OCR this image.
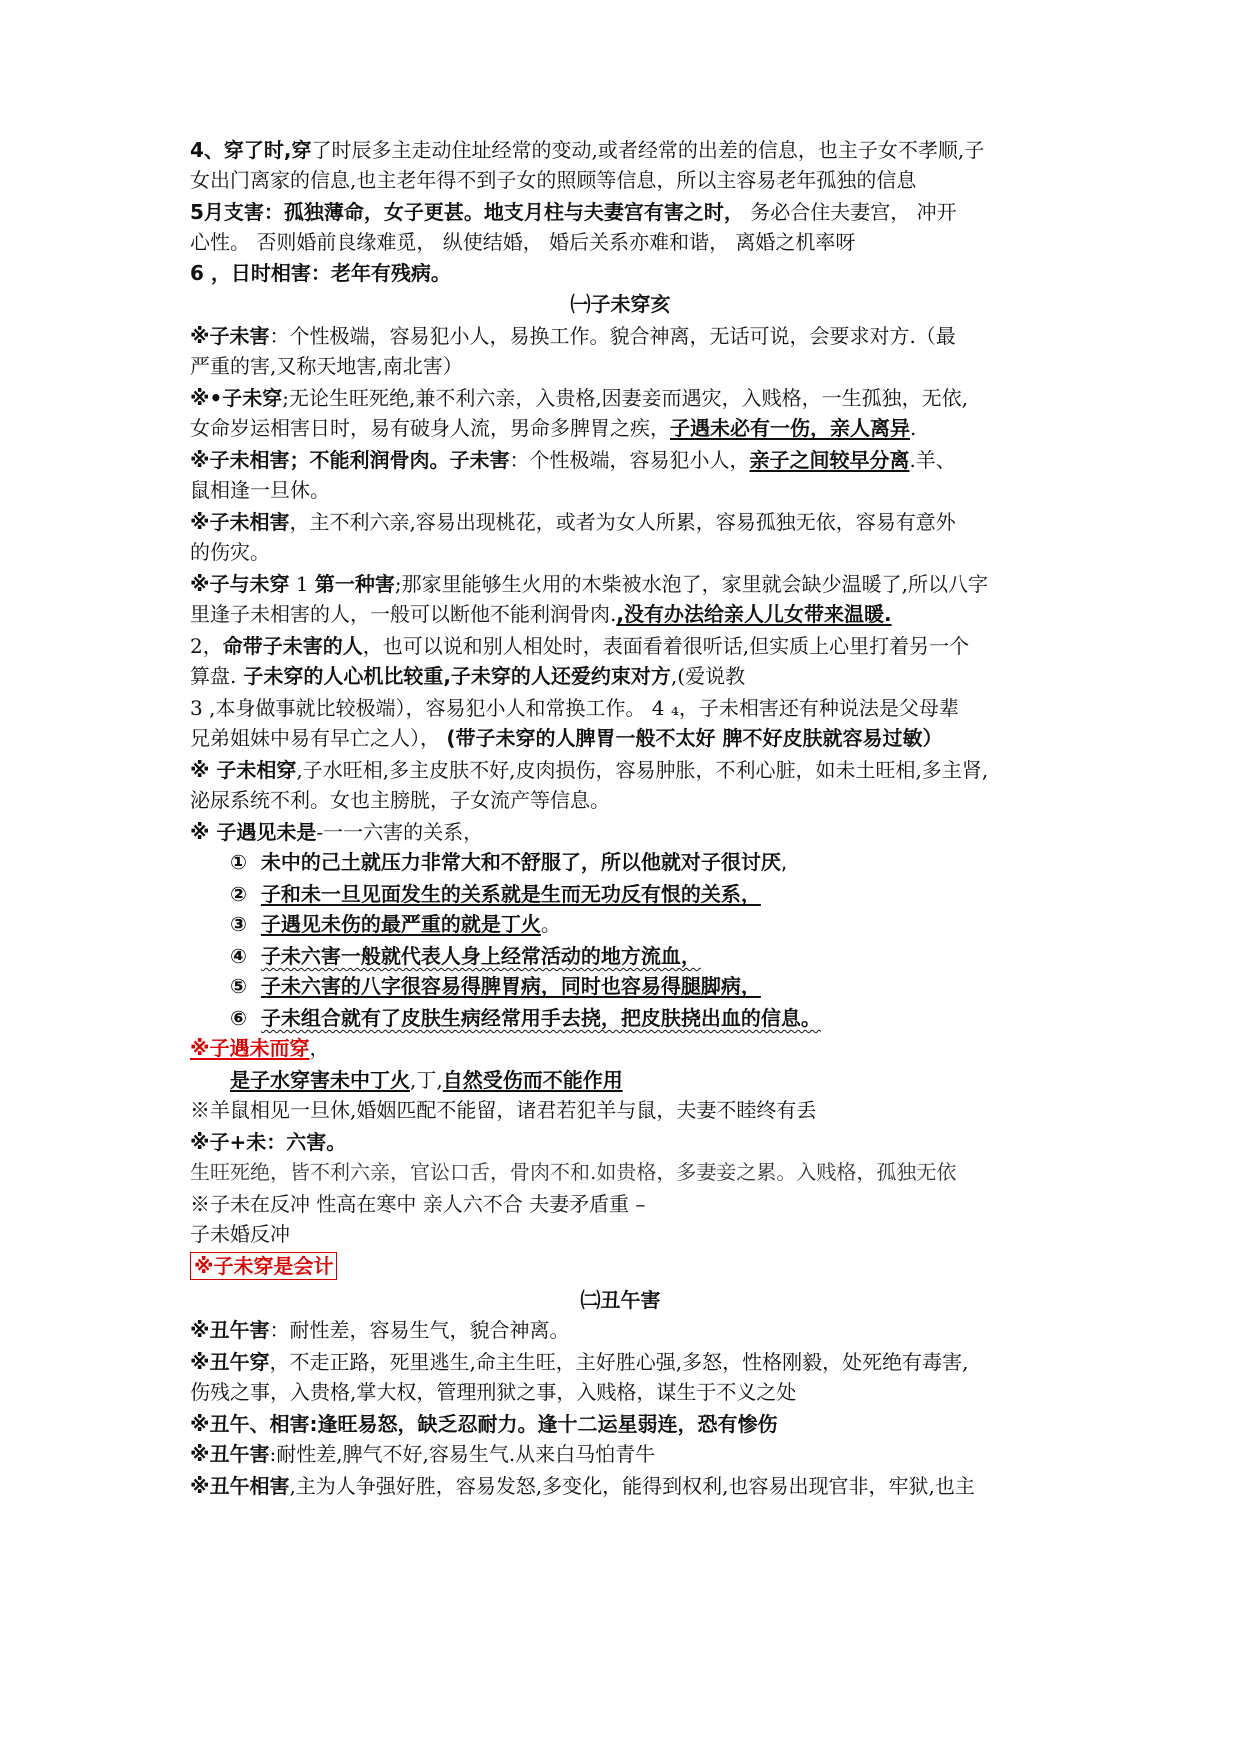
4、穿了时,穿了时辰多主走动住址经常的变动,或者经常的出差的信息，也主子女不孝顺,子

女出门离家的信息,也主老年得不到子女的照顾等信息，所以主容易老年孤独的信息

5月支害：孤独薄命，女子更甚。地支月柱与夫妻宫有害之时， 务必合住夫妻宫， 冲开

心性。 否则婚前良缘难觅， 纵使结婚， 婚后关系亦难和谐， 离婚之机率呀

6 ，日时相害：老年有残病。

㈠子未穿亥

※子未害：个性极端，容易犯小人，易换工作。貌合神离，无话可说，会要求对方.（最

严重的害,又称天地害,南北害）

※•子未穿;无论生旺死绝,兼不利六亲，入贵格,因妻妾而遇灾，入贱格，一生孤独，无依,

女命岁运相害日时，易有破身人流，男命多脾胃之疾，子遇未必有一伤，亲人离异.

※子未相害；不能利润骨肉。子未害：个性极端，容易犯小人，亲子之间较早分离.羊、

鼠相逢一旦休。

※子未相害，主不利六亲,容易出现桃花，或者为女人所累，容易孤独无依，容易有意外

的伤灾。

※子与未穿 1 第一种害;那家里能够生火用的木柴被水泡了，家里就会缺少温暖了,所以八字

里逢子未相害的人，一般可以断他不能利润骨肉.,没有办法给亲人儿女带来温暖.

2，命带子未害的人，也可以说和别人相处时，表面看着很听话,但实质上心里打着另一个

算盘. 子未穿的人心机比较重,子未穿的人还爱约束对方,(爱说教

3 ,本身做事就比较极端），容易犯小人和常换工作。 4 ₄，子未相害还有种说法是父母辈

兄弟姐妹中易有早亡之人）， (带子未穿的人脾胃一般不太好 脾不好皮肤就容易过敏）

※ 子未相穿,子水旺相,多主皮肤不好,皮肉损伤，容易肿胀，不利心脏，如未土旺相,多主肾,

泌尿系统不利。女也主膀胱，子女流产等信息。

※ 子遇见未是-一一六害的关系，

① 未中的己土就压力非常大和不舒服了，所以他就对子很讨厌,

② 子和未一旦见面发生的关系就是生而无功反有恨的关系，

③ 子遇见未伤的最严重的就是丁火。

④ 子未六害一般就代表人身上经常活动的地方流血，

⑤ 子未六害的八字很容易得脾胃病，同时也容易得腿脚病，

⑥ 子未组合就有了皮肤生病经常用手去挠，把皮肤挠出血的信息。

※子遇未而穿，

是子水穿害未中丁火,丁,自然受伤而不能作用

※羊鼠相见一旦休,婚姻匹配不能留，诸君若犯羊与鼠，夫妻不睦终有丢

※子+未：六害。

生旺死绝，皆不利六亲，官讼口舌，骨肉不和.如贵格，多妻妾之累。入贱格，孤独无依

※子未在反冲 性高在寒中 亲人六不合 夫妻矛盾重 –

子未婚反冲

※子未穿是会计

㈡丑午害

※丑午害：耐性差，容易生气，貌合神离。

※丑午穿，不走正路，死里逃生,命主生旺，主好胜心强,多怒，性格刚毅，处死绝有毒害,

伤残之事，入贵格,掌大权，管理刑狱之事，入贱格，谋生于不义之处

※丑午、相害:逢旺易怒，缺乏忍耐力。逢十二运星弱连，恐有惨伤

※丑午害:耐性差,脾气不好,容易生气.从来白马怕青牛

※丑午相害,主为人争强好胜，容易发怒,多变化，能得到权利,也容易出现官非，牢狱,也主
